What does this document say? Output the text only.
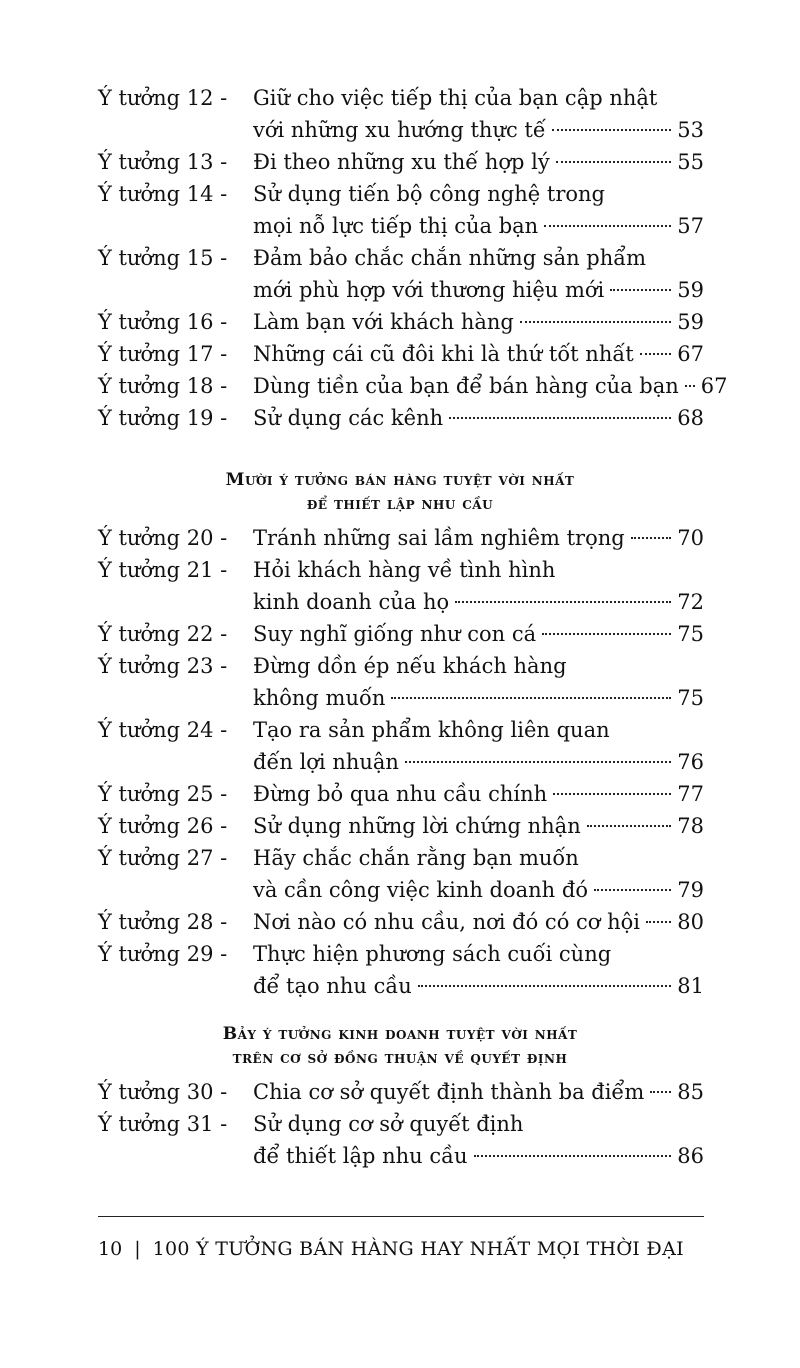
Ý tưởng 12 - Giữ cho việc tiếp thị của bạn cập nhật
với những xu hướng thực tế	53
Ý tưởng 13 - Đi theo những xu thế hợp lý	55
Ý tưởng 14 - Sử dụng tiến bộ công nghệ trong
mọi nỗ lực tiếp thị của bạn	57
Ý tưởng 15 - Đảm bảo chắc chắn những sản phẩm
mới phù hợp với thương hiệu mới	59
Ý tưởng 16 - Làm bạn với khách hàng	59
Ý tưởng 17 - Những cái cũ đôi khi là thứ tốt nhất 67
Ý tưởng 18 - Dùng tiền của bạn để bán hàng của bạn 67
Ý tưởng 19 - Sử dụng các kênh	68
Mười ý tưởng bán hàng tuyệt vời nhất
để thiết lập nhu cầu
Ý tưởng 20 - Tránh những sai lầm nghiêm trọng	70
Ý tưởng 21 - Hỏi khách hàng về tình hình
kinh doanh của họ	72
Ý tưởng 22 - Suy nghĩ giống như con cá	75
Ý tưởng 23 - Đừng dồn ép nếu khách hàng
không muốn	75
Ý tưởng 24 - Tạo ra sản phẩm không liên quan
đến lợi nhuận	76
Ý tưởng 25 - Đừng bỏ qua nhu cầu chính	77
Ý tưởng 26 - Sử dụng những lời chứng nhận	78
Ý tưởng 27 - Hãy chắc chắn rằng bạn muốn
và cần công việc kinh doanh đó	79
Ý tưởng 28 - Nơi nào có nhu cầu, nơi đó có cơ hội 80
Ý tưởng 29 - Thực hiện phương sách cuối cùng
để tạo nhu cầu	81
Bảy ý tưởng kinh doanh tuyệt vời nhất
trên cơ sở đồng thuận về quyết định
Ý tưởng 30 - Chia cơ sở quyết định thành ba điểm 85
Ý tưởng 31 - Sử dụng cơ sở quyết định
để thiết lập nhu cầu	86
10 | 100 Ý TƯỞNG BÁN HÀNG HAY NHẤT MỌI THỜI ĐẠI
